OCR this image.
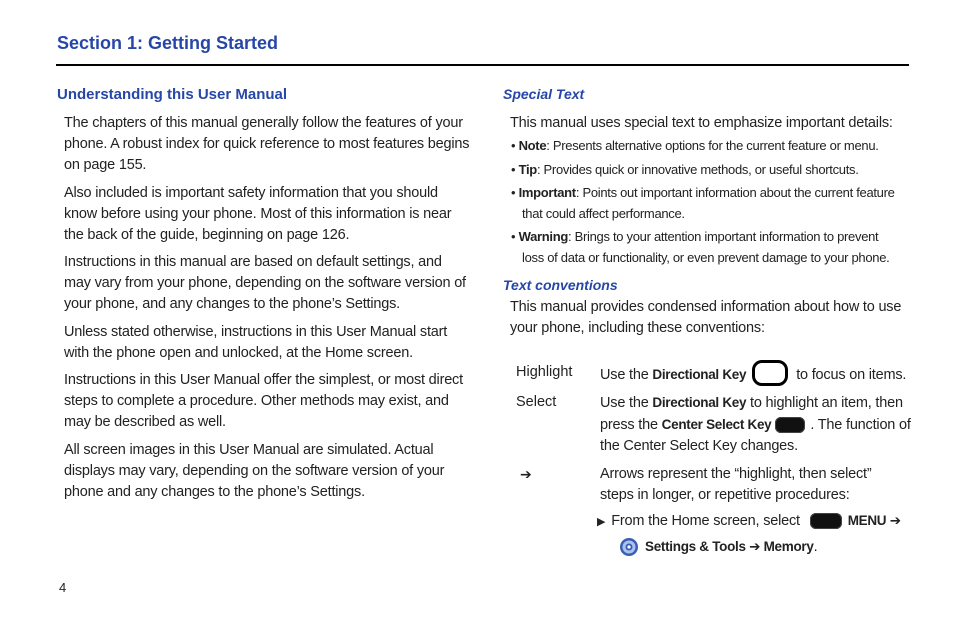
Section 1: Getting Started
Understanding this User Manual
The chapters of this manual generally follow the features of your
phone. A robust index for quick reference to most features begins
on page 155.
Also included is important safety information that you should
know before using your phone. Most of this information is near
the back of the guide, beginning on page 126.
Instructions in this manual are based on default settings, and
may vary from your phone, depending on the software version of
your phone, and any changes to the phone’s Settings.
Unless stated otherwise, instructions in this User Manual start
with the phone open and unlocked, at the Home screen.
Instructions in this User Manual offer the simplest, or most direct
steps to complete a procedure. Other methods may exist, and
may be described as well.
All screen images in this User Manual are simulated. Actual
displays may vary, depending on the software version of your
phone and any changes to the phone’s Settings.
Special Text
This manual uses special text to emphasize important details:
• Note: Presents alternative options for the current feature or menu.
• Tip: Provides quick or innovative methods, or useful shortcuts.
• Important: Points out important information about the current feature
that could affect performance.
• Warning: Brings to your attention important information to prevent
loss of data or functionality, or even prevent damage to your phone.
Text conventions
This manual provides condensed information about how to use
your phone, including these conventions:
Highlight Use the Directional Key	to focus on items.
Select	Use the Directional Key to highlight an item, then
press the Center Select Key	. The function of
the Center Select Key changes.
➔	Arrows represent the “highlight, then select”
steps in longer, or repetitive procedures:
▶ From the Home screen, select	MENU ➔
Settings & Tools ➔ Memory.
4
